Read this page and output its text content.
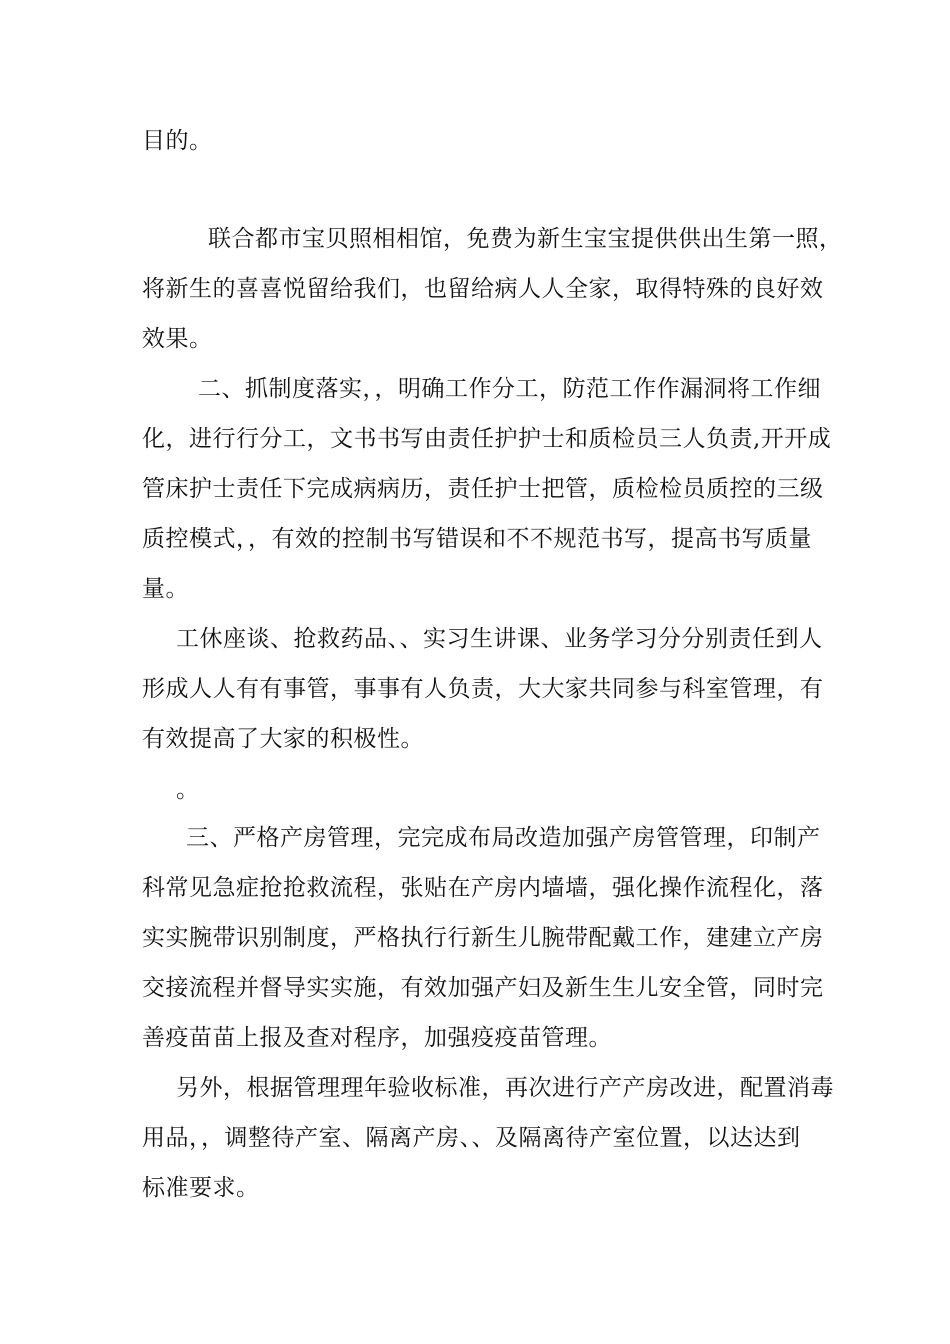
目的。
联合都市宝贝照相相馆，免费为新生宝宝提供供出生第一照，
将新生的喜喜悦留给我们，也留给病人人全家，取得特殊的良好效
效果。
二、抓制度落实，，明确工作分工，防范工作作漏洞将工作细
化，进行行分工，文书书写由责任护护士和质检员三人负责,开开成
管床护士责任下完成病病历，责任护士把管，质检检员质控的三级
质控模式，，有效的控制书写错误和不不规范书写，提高书写质量
量。
工休座谈、抢救药品、、实习生讲课、业务学习分分别责任到人
形成人人有有事管，事事有人负责，大大家共同参与科室管理，有
有效提高了大家的积极性。
。
三、严格产房管理，完完成布局改造加强产房管管理，印制产
科常见急症抢抢救流程，张贴在产房内墙墙，强化操作流程化，落
实实腕带识别制度，严格执行行新生儿腕带配戴工作，建建立产房
交接流程并督导实实施，有效加强产妇及新生生儿安全管，同时完
善疫苗苗上报及查对程序，加强疫疫苗管理。
另外，根据管理理年验收标准，再次进行产产房改进，配置消毒
用品，，调整待产室、隔离产房、、及隔离待产室位置，以达达到
标准要求。
